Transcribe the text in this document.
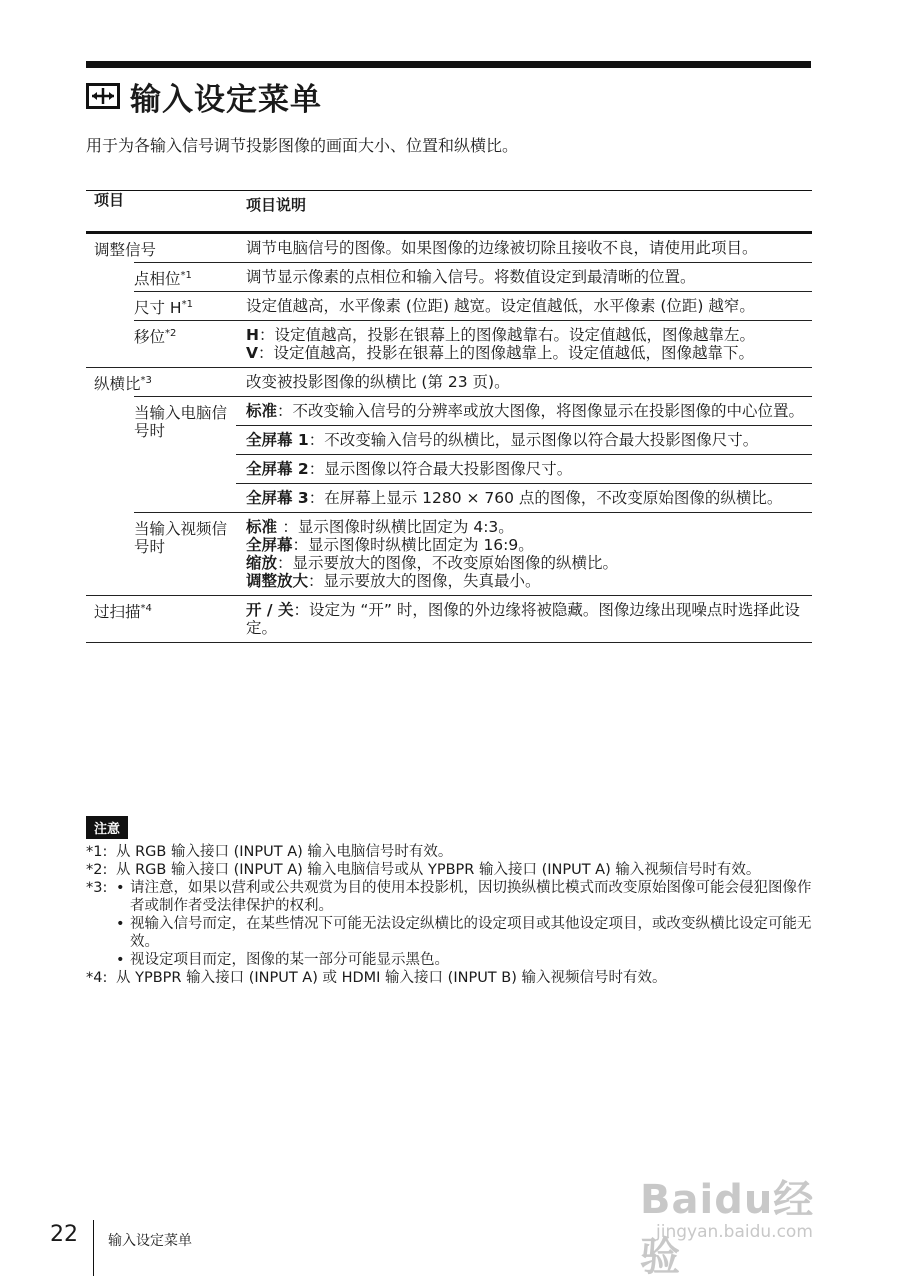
输入设定菜单
用于为各输入信号调节投影图像的画面大小、位置和纵横比。
项目		项目说明
调整信号		调节电脑信号的图像。如果图像的边缘被切除且接收不良，请使用此项目。
	点相位$^{*1}$	调节显示像素的点相位和输入信号。将数值设定到最清晰的位置。
	尺寸 $H^{*1}$	设定值越高，水平像素 (位距) 越宽。设定值越低，水平像素 (位距) 越窄。
	移位$^{*2}$	H：设定值越高，投影在银幕上的图像越靠右。设定值越低，图像越靠左。
V：设定值越高，投影在银幕上的图像越靠上。设定值越低，图像越靠下。

纵横比$^{*3}$		改变被投影图像的纵横比 (第 23 页)。
	当输入电脑信号时	标准：不改变输入信号的分辨率或放大图像，将图像显示在投影图像的中心位置。
		全屏幕 1：不改变输入信号的纵横比，显示图像以符合最大投影图像尺寸。
		全屏幕 2：显示图像以符合最大投影图像尺寸。
		全屏幕 3：在屏幕上显示 1280 × 760 点的图像，不改变原始图像的纵横比。
	当输入视频信号时	标准 ：显示图像时纵横比固定为 4:3。
全屏幕：显示图像时纵横比固定为 16:9。
缩放：显示要放大的图像，不改变原始图像的纵横比。
调整放大：显示要放大的图像，失真最小。

过扫描$^{*4}$		开 / 关：设定为 “开” 时，图像的外边缘将被隐藏。图像边缘出现噪点时选择此设定。
注意
*1: 从 RGB 输入接口 (INPUT A) 输入电脑信号时有效。
*2: 从 RGB 输入接口 (INPUT A) 输入电脑信号或从 YPBPR 输入接口 (INPUT A) 输入视频信号时有效。
*3: • 请注意，如果以营利或公共观赏为目的使用本投影机，因切换纵横比模式而改变原始图像可能会侵犯图像作者或制作者受法律保护的权利。
• 视输入信号而定，在某些情况下可能无法设定纵横比的设定项目或其他设定项目，或改变纵横比设定可能无效。
• 视设定项目而定，图像的某一部分可能显示黑色。
*4: 从 YPBPR 输入接口 (INPUT A) 或 HDMI 输入接口 (INPUT B) 输入视频信号时有效。
Baidu经验
jingyan.baidu.com
22 输入设定菜单
